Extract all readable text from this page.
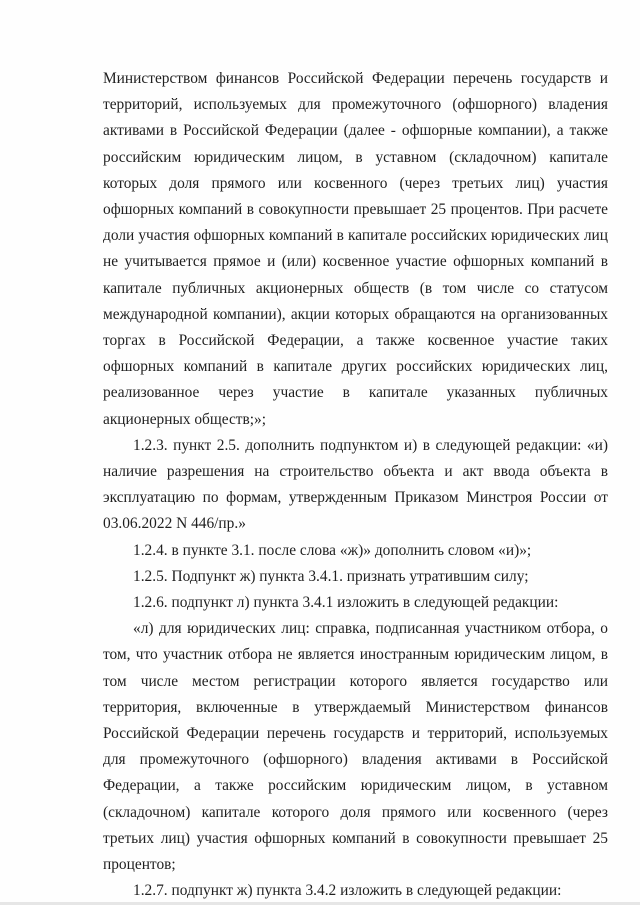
Министерством финансов Российской Федерации перечень государств и территорий, используемых для промежуточного (офшорного) владения активами в Российской Федерации (далее - офшорные компании), а также российским юридическим лицом, в уставном (складочном) капитале которых доля прямого или косвенного (через третьих лиц) участия офшорных компаний в совокупности превышает 25 процентов. При расчете доли участия офшорных компаний в капитале российских юридических лиц не учитывается прямое и (или) косвенное участие офшорных компаний в капитале публичных акционерных обществ (в том числе со статусом международной компании), акции которых обращаются на организованных торгах в Российской Федерации, а также косвенное участие таких офшорных компаний в капитале других российских юридических лиц, реализованное через участие в капитале указанных публичных акционерных обществ;»;

1.2.3. пункт 2.5. дополнить подпунктом и) в следующей редакции: «и) наличие разрешения на строительство объекта и акт ввода объекта в эксплуатацию по формам, утвержденным Приказом Минстроя России от 03.06.2022 N 446/пр.»

1.2.4. в пункте 3.1. после слова «ж)» дополнить словом «и)»;

1.2.5. Подпункт ж) пункта 3.4.1. признать утратившим силу;

1.2.6. подпункт л) пункта 3.4.1 изложить в следующей редакции:

«л) для юридических лиц: справка, подписанная участником отбора, о том, что участник отбора не является иностранным юридическим лицом, в том числе местом регистрации которого является государство или территория, включенные в утверждаемый Министерством финансов Российской Федерации перечень государств и территорий, используемых для промежуточного (офшорного) владения активами в Российской Федерации, а также российским юридическим лицом, в уставном (складочном) капитале которого доля прямого или косвенного (через третьих лиц) участия офшорных компаний в совокупности превышает 25 процентов;

1.2.7. подпункт ж) пункта 3.4.2 изложить в следующей редакции:
